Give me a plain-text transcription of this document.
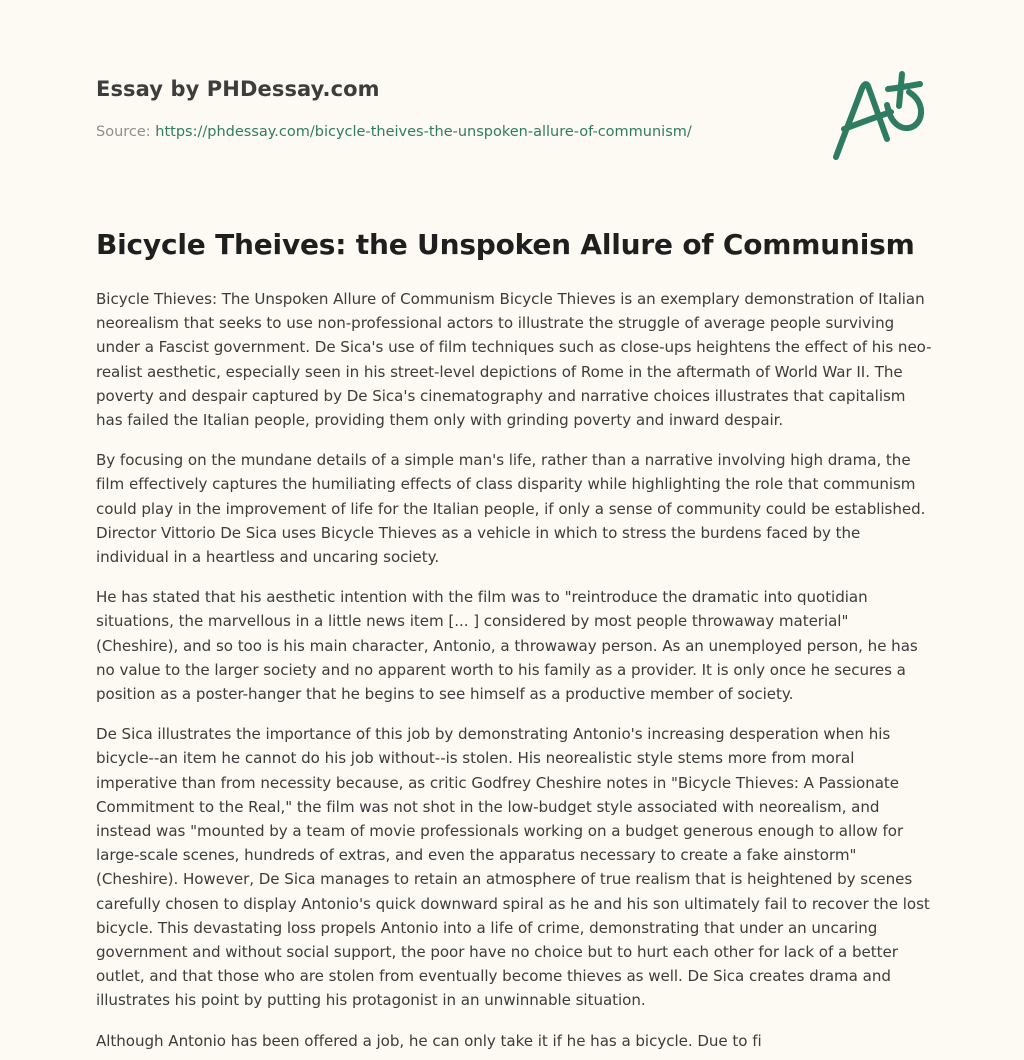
Essay by PHDessay.com
Source: https://phdessay.com/bicycle-theives-the-unspoken-allure-of-communism/
Bicycle Theives: the Unspoken Allure of Communism

Bicycle Thieves: The Unspoken Allure of Communism Bicycle Thieves is an exemplary demonstration of Italian neorealism that seeks to use non-professional actors to illustrate the struggle of average people surviving under a Fascist government. De Sica's use of film techniques such as close-ups heightens the effect of his neo-realist aesthetic, especially seen in his street-level depictions of Rome in the aftermath of World War II. The poverty and despair captured by De Sica's cinematography and narrative choices illustrates that capitalism has failed the Italian people, providing them only with grinding poverty and inward despair.

By focusing on the mundane details of a simple man's life, rather than a narrative involving high drama, the film effectively captures the humiliating effects of class disparity while highlighting the role that communism could play in the improvement of life for the Italian people, if only a sense of community could be established. Director Vittorio De Sica uses Bicycle Thieves as a vehicle in which to stress the burdens faced by the individual in a heartless and uncaring society.

He has stated that his aesthetic intention with the film was to "reintroduce the dramatic into quotidian situations, the marvellous in a little news item [... ] considered by most people throwaway material" (Cheshire), and so too is his main character, Antonio, a throwaway person. As an unemployed person, he has no value to the larger society and no apparent worth to his family as a provider. It is only once he secures a position as a poster-hanger that he begins to see himself as a productive member of society.

De Sica illustrates the importance of this job by demonstrating Antonio's increasing desperation when his bicycle--an item he cannot do his job without--is stolen. His neorealistic style stems more from moral imperative than from necessity because, as critic Godfrey Cheshire notes in "Bicycle Thieves: A Passionate Commitment to the Real," the film was not shot in the low-budget style associated with neorealism, and instead was "mounted by a team of movie professionals working on a budget generous enough to allow for large-scale scenes, hundreds of extras, and even the apparatus necessary to create a fake ainstorm" (Cheshire). However, De Sica manages to retain an atmosphere of true realism that is heightened by scenes carefully chosen to display Antonio's quick downward spiral as he and his son ultimately fail to recover the lost bicycle. This devastating loss propels Antonio into a life of crime, demonstrating that under an uncaring government and without social support, the poor have no choice but to hurt each other for lack of a better outlet, and that those who are stolen from eventually become thieves as well. De Sica creates drama and illustrates his point by putting his protagonist in an unwinnable situation.

Although Antonio has been offered a job, he can only take it if he has a bicycle. Due to fi
